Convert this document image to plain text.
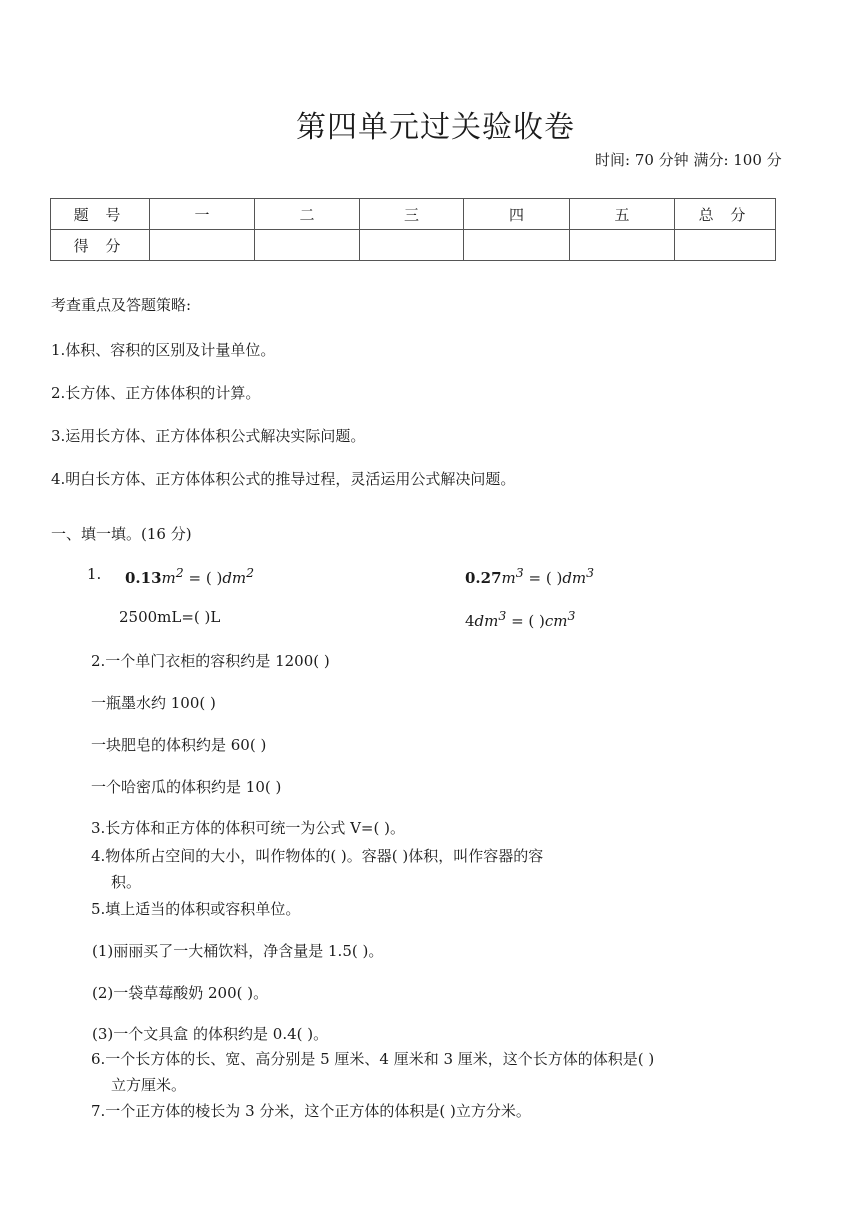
第四单元过关验收卷
时间: 70 分钟 满分: 100 分
题 号	一	二	三	四	五	总 分
得 分						
考查重点及答题策略:
1.体积、容积的区别及计量单位。
2.长方体、正方体体积的计算。
3.运用长方体、正方体体积公式解决实际问题。
4.明白长方体、正方体体积公式的推导过程，灵活运用公式解决问题。
一、填一填。(16 分)
1. $0.13m^2$ = ( )$dm^2$	$0.27m^3$ = ( )$dm^3$
2500mL=( )L	$4dm^3$ = ( )$cm^3$
2.一个单门衣柜的容积约是 1200( )
一瓶墨水约 100( )
一块肥皂的体积约是 60( )
一个哈密瓜的体积约是 10( )
3.长方体和正方体的体积可统一为公式 V=( )。
4.物体所占空间的大小，叫作物体的( )。容器( )体积，叫作容器的容
积。
5.填上适当的体积或容积单位。
(1)丽丽买了一大桶饮料，净含量是 1.5( )。
(2)一袋草莓酸奶 200( )。
(3)一个文具盒 的体积约是 0.4( )。
6.一个长方体的长、宽、高分别是 5 厘米、4 厘米和 3 厘米，这个长方体的体积是( )
立方厘米。
7.一个正方体的棱长为 3 分米，这个正方体的体积是( )立方分米。
